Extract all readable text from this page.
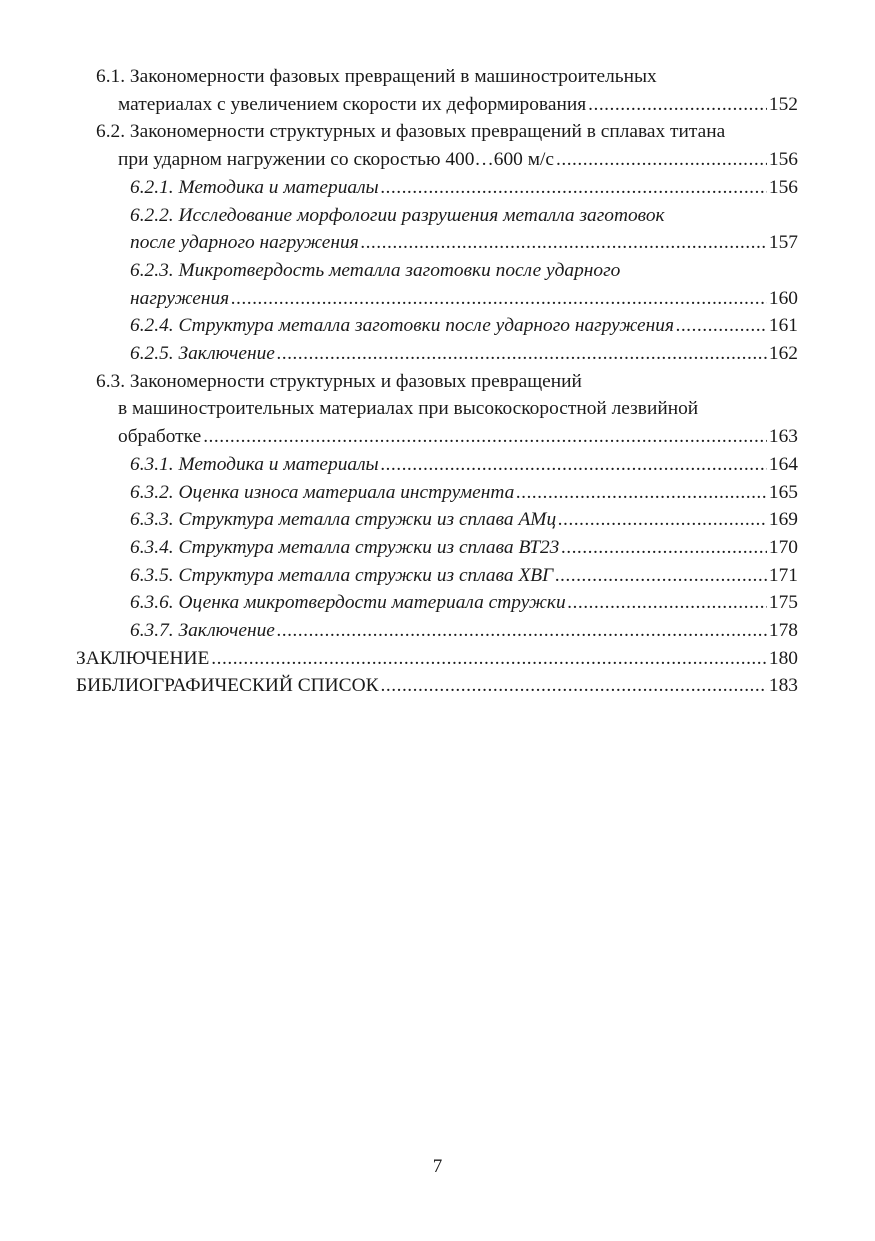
6.1. Закономерности фазовых превращений в машиностроительных
материалах с увеличением скорости их деформирования .....	152
6.2. Закономерности структурных и фазовых превращений в сплавах титана
при ударном нагружении со скоростью 400…600 м/с .....	156
6.2.1. Методика и материалы .....	156
6.2.2. Исследование морфологии разрушения металла заготовок
после ударного нагружения .....	157
6.2.3. Микротвердость металла заготовки после ударного
нагружения .....	160
6.2.4. Структура металла заготовки после ударного нагружения .....	161
6.2.5. Заключение .....	162
6.3. Закономерности структурных и фазовых превращений
в машиностроительных материалах при высокоскоростной лезвийной
обработке .....	163
6.3.1. Методика и материалы .....	164
6.3.2. Оценка износа материала инструмента .....	165
6.3.3. Структура металла стружки из сплава АМц .....	169
6.3.4. Структура металла стружки из сплава ВТ23 .....	170
6.3.5. Структура металла стружки из сплава ХВГ .....	171
6.3.6. Оценка микротвердости материала стружки .....	175
6.3.7. Заключение .....	178
ЗАКЛЮЧЕНИЕ .....	180
БИБЛИОГРАФИЧЕСКИЙ СПИСОК .....	183
7
